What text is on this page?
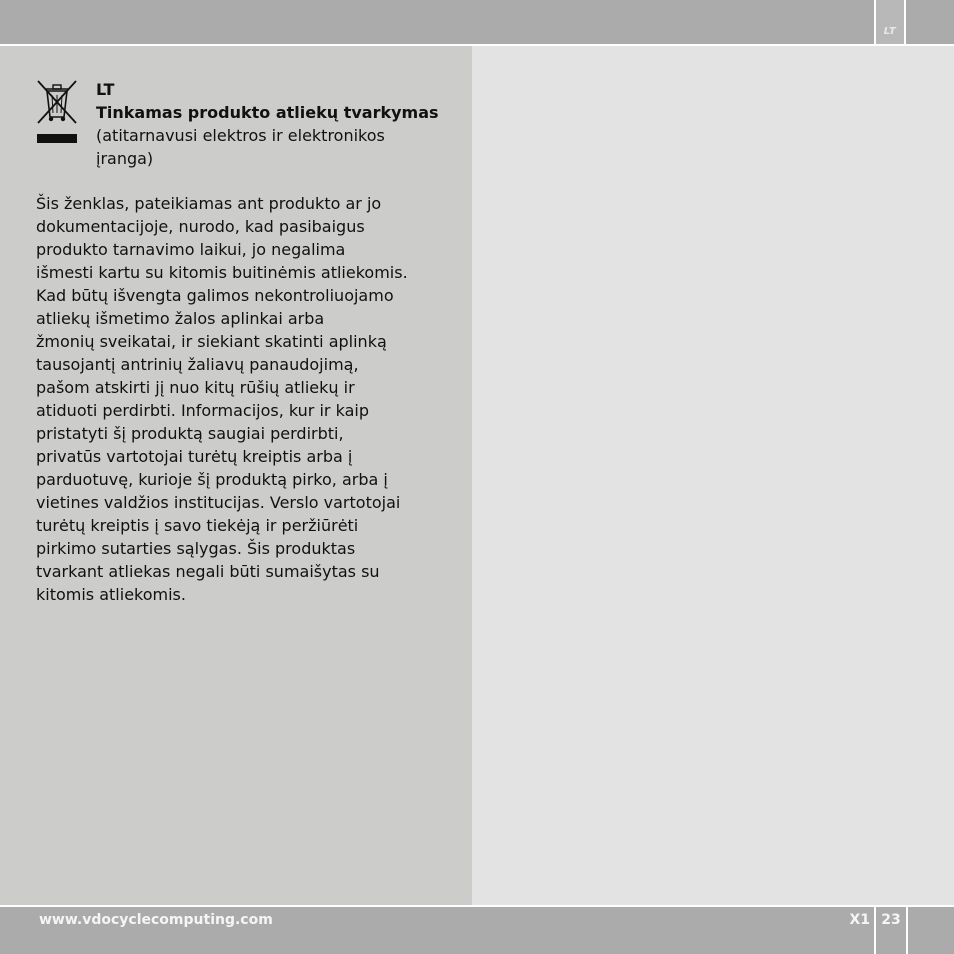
LT
LT
Tinkamas produkto atliekų tvarkymas
(atitarnavusi elektros ir elektronikos
įranga)
Šis ženklas, pateikiamas ant produkto ar jo
dokumentacijoje, nurodo, kad pasibaigus
produkto tarnavimo laikui, jo negalima
išmesti kartu su kitomis buitinėmis atliekomis.
Kad būtų išvengta galimos nekontroliuojamo
atliekų išmetimo žalos aplinkai arba
žmonių sveikatai, ir siekiant skatinti aplinką
tausojantį antrinių žaliavų panaudojimą,
pašom atskirti jį nuo kitų rūšių atliekų ir
atiduoti perdirbti. Informacijos, kur ir kaip
pristatyti šį produktą saugiai perdirbti,
privatūs vartotojai turėtų kreiptis arba į
parduotuvę, kurioje šį produktą pirko, arba į
vietines valdžios institucijas. Verslo vartotojai
turėtų kreiptis į savo tiekėją ir peržiūrėti
pirkimo sutarties sąlygas. Šis produktas
tvarkant atliekas negali būti sumaišytas su
kitomis atliekomis.
www.vdocyclecomputing.com	X1 23
